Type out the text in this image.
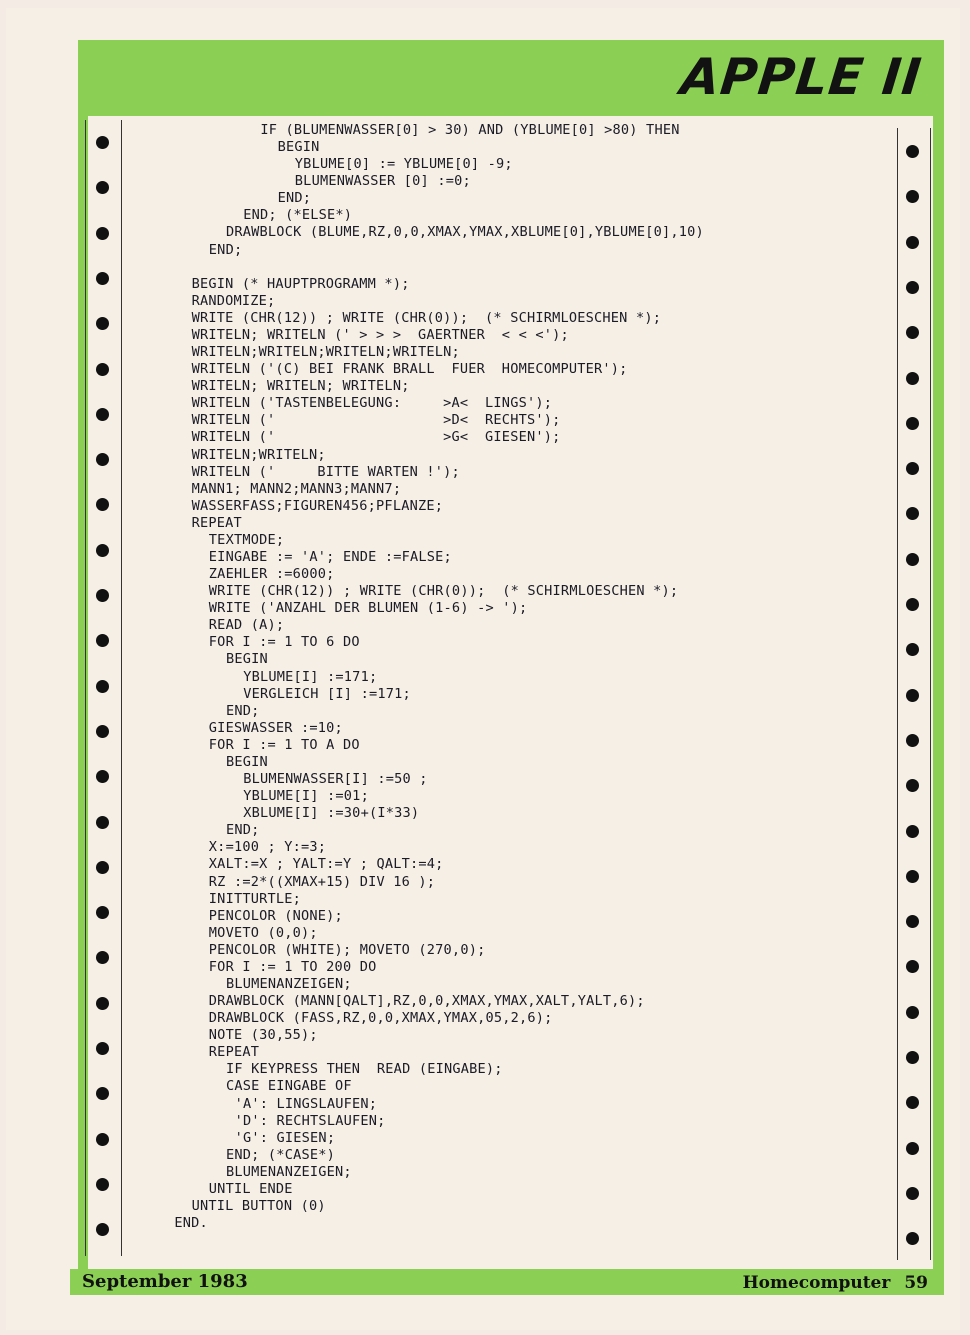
APPLE II
IF (BLUMENWASSER[0] > 30) AND (YBLUME[0] >80) THEN
BEGIN
YBLUME[0] := YBLUME[0] -9;
BLUMENWASSER [0] :=0;
END;
END; (*ELSE*)
DRAWBLOCK (BLUME,RZ,0,0,XMAX,YMAX,XBLUME[0],YBLUME[0],10)
END;
BEGIN (* HAUPTPROGRAMM *);
RANDOMIZE;
WRITE (CHR(12)) ; WRITE (CHR(0));  (* SCHIRMLOESCHEN *);
WRITELN; WRITELN (' > > >  GAERTNER  < < <');
WRITELN;WRITELN;WRITELN;WRITELN;
WRITELN ('(C) BEI FRANK BRALL  FUER  HOMECOMPUTER');
WRITELN; WRITELN; WRITELN;
WRITELN ('TASTENBELEGUNG:     >A<  LINGS');
WRITELN ('                    >D<  RECHTS');
WRITELN ('                    >G<  GIESEN');
WRITELN;WRITELN;
WRITELN ('     BITTE WARTEN !');
MANN1; MANN2;MANN3;MANN7;
WASSERFASS;FIGUREN456;PFLANZE;
REPEAT
TEXTMODE;
EINGABE := 'A'; ENDE :=FALSE;
ZAEHLER :=6000;
WRITE (CHR(12)) ; WRITE (CHR(0));  (* SCHIRMLOESCHEN *);
WRITE ('ANZAHL DER BLUMEN (1-6) -> ');
READ (A);
FOR I := 1 TO 6 DO
BEGIN
YBLUME[I] :=171;
VERGLEICH [I] :=171;
END;
GIESWASSER :=10;
FOR I := 1 TO A DO
BEGIN
BLUMENWASSER[I] :=50 ;
YBLUME[I] :=01;
XBLUME[I] :=30+(I*33)
END;
X:=100 ; Y:=3;
XALT:=X ; YALT:=Y ; QALT:=4;
RZ :=2*((XMAX+15) DIV 16 );
INITTURTLE;
PENCOLOR (NONE);
MOVETO (0,0);
PENCOLOR (WHITE); MOVETO (270,0);
FOR I := 1 TO 200 DO
BLUMENANZEIGEN;
DRAWBLOCK (MANN[QALT],RZ,0,0,XMAX,YMAX,XALT,YALT,6);
DRAWBLOCK (FASS,RZ,0,0,XMAX,YMAX,05,2,6);
NOTE (30,55);
REPEAT
IF KEYPRESS THEN  READ (EINGABE);
CASE EINGABE OF
'A': LINGSLAUFEN;
'D': RECHTSLAUFEN;
'G': GIESEN;
END; (*CASE*)
BLUMENANZEIGEN;
UNTIL ENDE
UNTIL BUTTON (0)
END.
September 1983	Homecomputer 59
